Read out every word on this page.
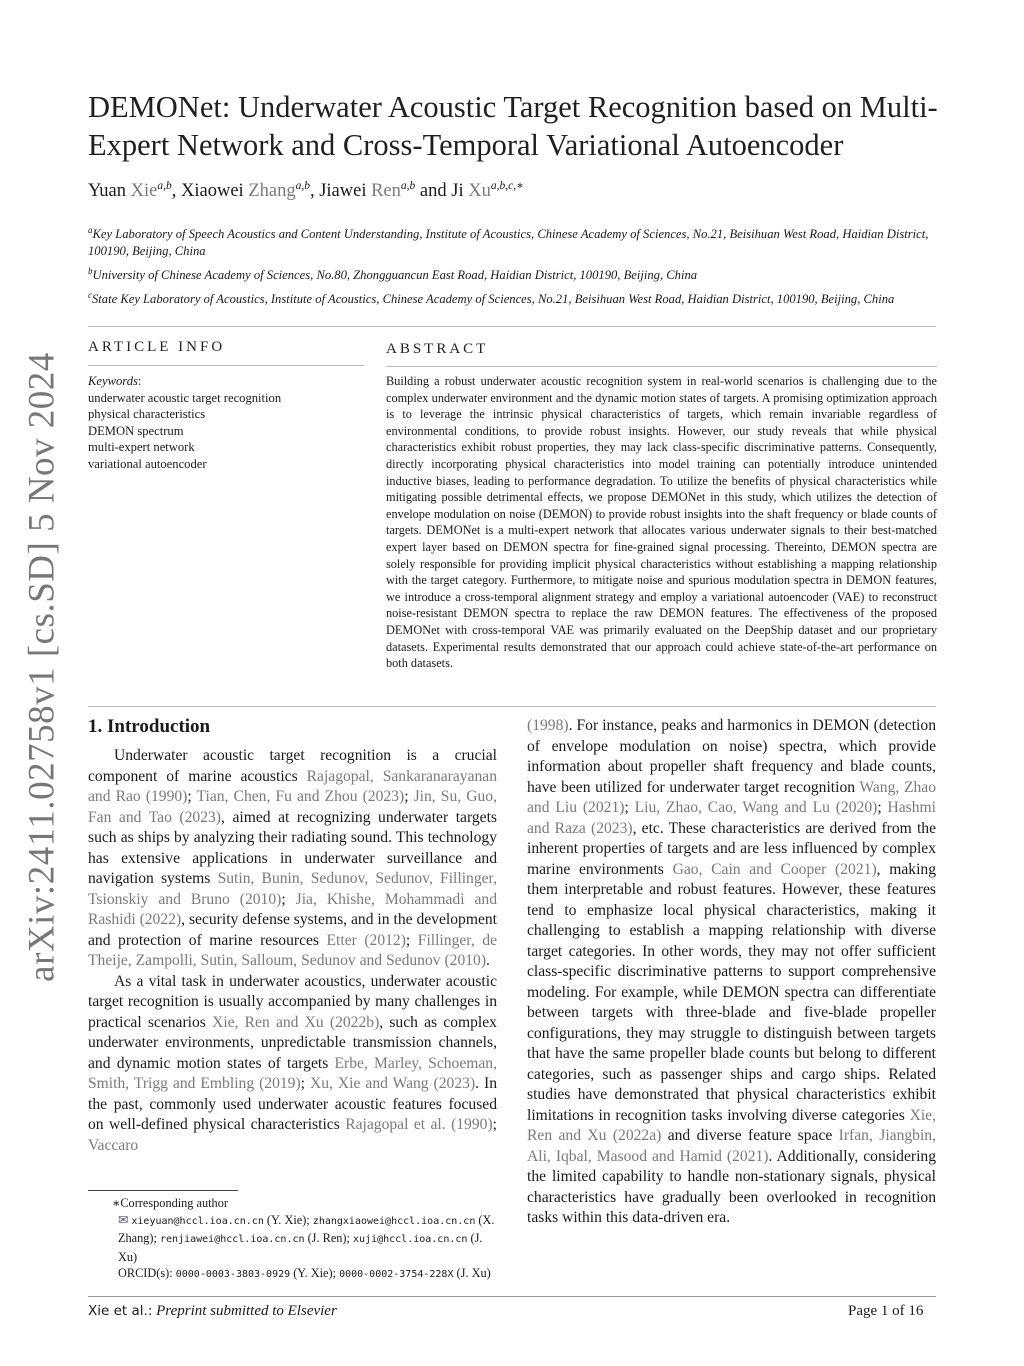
arXiv:2411.02758v1 [cs.SD] 5 Nov 2024
DEMONet: Underwater Acoustic Target Recognition based on Multi-Expert Network and Cross-Temporal Variational Autoencoder
Yuan Xie$^{a,b}$, Xiaowei Zhang$^{a,b}$, Jiawei Ren$^{a,b}$ and Ji $Xu^{a,b,c,∗}$
$^a$Key Laboratory of Speech Acoustics and Content Understanding, Institute of Acoustics, Chinese Academy of Sciences, No.21, Beisihuan West Road, Haidian District, 100190, Beijing, China
$^b$University of Chinese Academy of Sciences, No.80, Zhongguancun East Road, Haidian District, 100190, Beijing, China
$^c$State Key Laboratory of Acoustics, Institute of Acoustics, Chinese Academy of Sciences, No.21, Beisihuan West Road, Haidian District, 100190, Beijing, China
ARTICLE INFO
Keywords:
underwater acoustic target recognition
physical characteristics
DEMON spectrum
multi-expert network
variational autoencoder
ABSTRACT
Building a robust underwater acoustic recognition system in real-world scenarios is challenging due to the complex underwater environment and the dynamic motion states of targets. A promising optimization approach is to leverage the intrinsic physical characteristics of targets, which remain invariable regardless of environmental conditions, to provide robust insights. However, our study reveals that while physical characteristics exhibit robust properties, they may lack class-specific discriminative patterns. Consequently, directly incorporating physical characteristics into model training can potentially introduce unintended inductive biases, leading to performance degradation. To utilize the benefits of physical characteristics while mitigating possible detrimental effects, we propose DEMONet in this study, which utilizes the detection of envelope modulation on noise (DEMON) to provide robust insights into the shaft frequency or blade counts of targets. DEMONet is a multi-expert network that allocates various underwater signals to their best-matched expert layer based on DEMON spectra for fine-grained signal processing. Thereinto, DEMON spectra are solely responsible for providing implicit physical characteristics without establishing a mapping relationship with the target category. Furthermore, to mitigate noise and spurious modulation spectra in DEMON features, we introduce a cross-temporal alignment strategy and employ a variational autoencoder (VAE) to reconstruct noise-resistant DEMON spectra to replace the raw DEMON features. The effectiveness of the proposed DEMONet with cross-temporal VAE was primarily evaluated on the DeepShip dataset and our proprietary datasets. Experimental results demonstrated that our approach could achieve state-of-the-art performance on both datasets.
1. Introduction

Underwater acoustic target recognition is a crucial component of marine acoustics Rajagopal, Sankaranarayanan and Rao (1990); Tian, Chen, Fu and Zhou (2023); Jin, Su, Guo, Fan and Tao (2023), aimed at recognizing underwater targets such as ships by analyzing their radiating sound. This technology has extensive applications in underwater surveillance and navigation systems Sutin, Bunin, Sedunov, Sedunov, Fillinger, Tsionskiy and Bruno (2010); Jia, Khishe, Mohammadi and Rashidi (2022), security defense systems, and in the development and protection of marine resources Etter (2012); Fillinger, de Theije, Zampolli, Sutin, Salloum, Sedunov and Sedunov (2010).

As a vital task in underwater acoustics, underwater acoustic target recognition is usually accompanied by many challenges in practical scenarios Xie, Ren and Xu (2022b), such as complex underwater environments, unpredictable transmission channels, and dynamic motion states of targets Erbe, Marley, Schoeman, Smith, Trigg and Embling (2019); Xu, Xie and Wang (2023). In the past, commonly used underwater acoustic features focused on well-defined physical characteristics Rajagopal et al. (1990); Vaccaro

(1998). For instance, peaks and harmonics in DEMON (detection of envelope modulation on noise) spectra, which provide information about propeller shaft frequency and blade counts, have been utilized for underwater target recognition Wang, Zhao and Liu (2021); Liu, Zhao, Cao, Wang and Lu (2020); Hashmi and Raza (2023), etc. These characteristics are derived from the inherent properties of targets and are less influenced by complex marine environments Gao, Cain and Cooper (2021), making them interpretable and robust features. However, these features tend to emphasize local physical characteristics, making it challenging to establish a mapping relationship with diverse target categories. In other words, they may not offer sufficient class-specific discriminative patterns to support comprehensive modeling. For example, while DEMON spectra can differentiate between targets with three-blade and five-blade propeller configurations, they may struggle to distinguish between targets that have the same propeller blade counts but belong to different categories, such as passenger ships and cargo ships. Related studies have demonstrated that physical characteristics exhibit limitations in recognition tasks involving diverse categories Xie, Ren and Xu (2022a) and diverse feature space Irfan, Jiangbin, Ali, Iqbal, Masood and Hamid (2021). Additionally, considering the limited capability to handle non-stationary signals, physical characteristics have gradually been overlooked in recognition tasks within this data-driven era.

∗Corresponding author
✉ xieyuan@hccl.ioa.cn.cn (Y. Xie); zhangxiaowei@hccl.ioa.cn.cn (X. Zhang); renjiawei@hccl.ioa.cn.cn (J. Ren); xuji@hccl.ioa.cn.cn (J. Xu)
ORCID(s): 0000-0003-3803-0929 (Y. Xie); 0000-0002-3754-228X (J. Xu)
Xie et al.: Preprint submitted to Elsevier	Page 1 of 16
